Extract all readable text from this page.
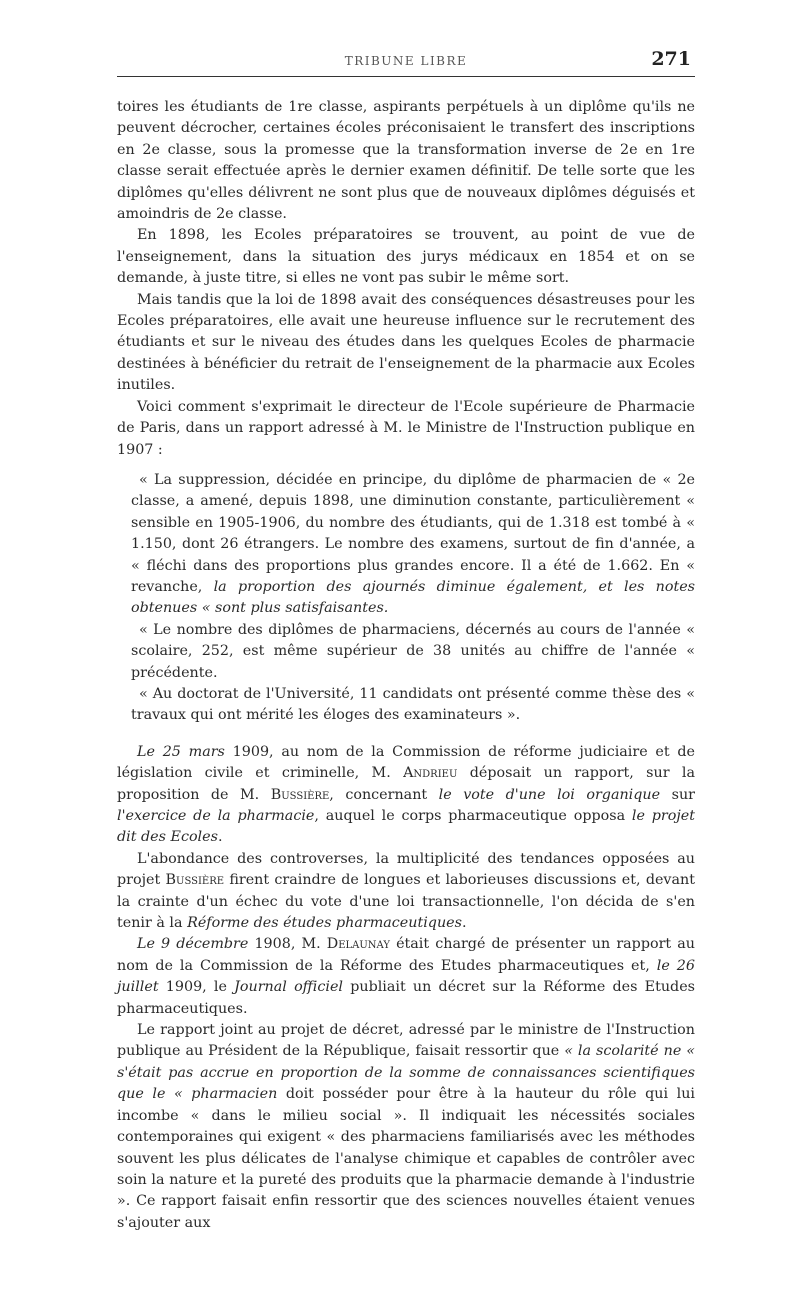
TRIBUNE LIBRE	271

toires les étudiants de 1re classe, aspirants perpétuels à un diplôme qu'ils ne peuvent décrocher, certaines écoles préconisaient le transfert des inscriptions en 2e classe, sous la promesse que la transformation inverse de 2e en 1re classe serait effectuée après le dernier examen définitif. De telle sorte que les diplômes qu'elles délivrent ne sont plus que de nouveaux diplômes déguisés et amoindris de 2e classe.

En 1898, les Ecoles préparatoires se trouvent, au point de vue de l'enseignement, dans la situation des jurys médicaux en 1854 et on se demande, à juste titre, si elles ne vont pas subir le même sort.

Mais tandis que la loi de 1898 avait des conséquences désastreuses pour les Ecoles préparatoires, elle avait une heureuse influence sur le recrutement des étudiants et sur le niveau des études dans les quelques Ecoles de pharmacie destinées à bénéficier du retrait de l'enseignement de la pharmacie aux Ecoles inutiles.

Voici comment s'exprimait le directeur de l'Ecole supérieure de Pharmacie de Paris, dans un rapport adressé à M. le Ministre de l'Instruction publique en 1907 :

« La suppression, décidée en principe, du diplôme de pharmacien de « 2e classe, a amené, depuis 1898, une diminution constante, particulièrement « sensible en 1905-1906, du nombre des étudiants, qui de 1.318 est tombé à « 1.150, dont 26 étrangers. Le nombre des examens, surtout de fin d'année, a « fléchi dans des proportions plus grandes encore. Il a été de 1.662. En « revanche, la proportion des ajournés diminue également, et les notes obtenues « sont plus satisfaisantes.

« Le nombre des diplômes de pharmaciens, décernés au cours de l'année « scolaire, 252, est même supérieur de 38 unités au chiffre de l'année « précédente.

« Au doctorat de l'Université, 11 candidats ont présenté comme thèse des « travaux qui ont mérité les éloges des examinateurs ».

Le 25 mars 1909, au nom de la Commission de réforme judiciaire et de législation civile et criminelle, M. Andrieu déposait un rapport, sur la proposition de M. Bussière, concernant le vote d'une loi organique sur l'exercice de la pharmacie, auquel le corps pharmaceutique opposa le projet dit des Ecoles.

L'abondance des controverses, la multiplicité des tendances opposées au projet Bussière firent craindre de longues et laborieuses discussions et, devant la crainte d'un échec du vote d'une loi transactionnelle, l'on décida de s'en tenir à la Réforme des études pharmaceutiques.

Le 9 décembre 1908, M. Delaunay était chargé de présenter un rapport au nom de la Commission de la Réforme des Etudes pharmaceutiques et, le 26 juillet 1909, le Journal officiel publiait un décret sur la Réforme des Etudes pharmaceutiques.

Le rapport joint au projet de décret, adressé par le ministre de l'Instruction publique au Président de la République, faisait ressortir que « la scolarité ne « s'était pas accrue en proportion de la somme de connaissances scientifiques que le « pharmacien doit posséder pour être à la hauteur du rôle qui lui incombe « dans le milieu social ». Il indiquait les nécessités sociales contemporaines qui exigent « des pharmaciens familiarisés avec les méthodes souvent les plus délicates de l'analyse chimique et capables de contrôler avec soin la nature et la pureté des produits que la pharmacie demande à l'industrie ». Ce rapport faisait enfin ressortir que des sciences nouvelles étaient venues s'ajouter aux
